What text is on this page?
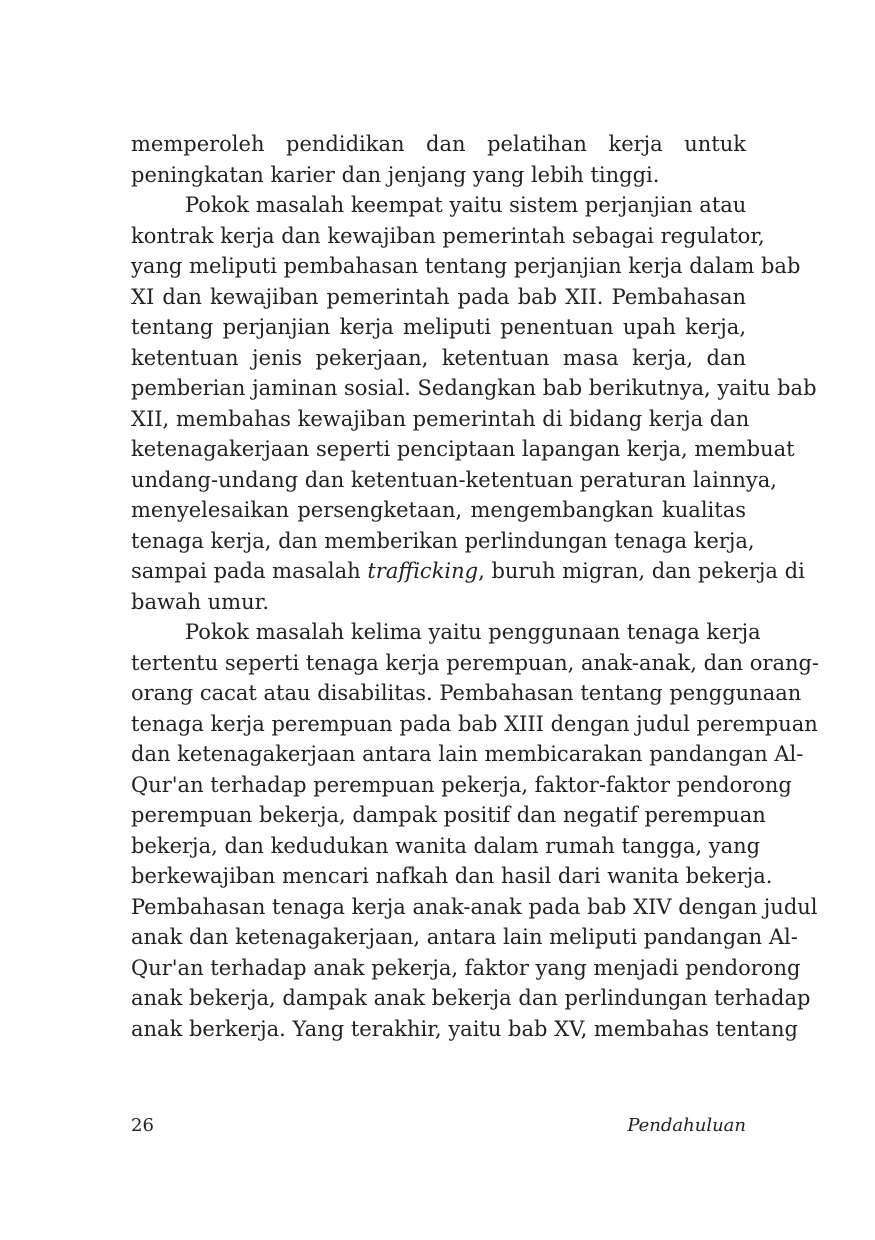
memperoleh pendidikan dan pelatihan kerja untuk
peningkatan karier dan jenjang yang lebih tinggi.
Pokok masalah keempat yaitu sistem perjanjian atau
kontrak kerja dan kewajiban pemerintah sebagai regulator,
yang meliputi pembahasan tentang perjanjian kerja dalam bab
XI dan kewajiban pemerintah pada bab XII. Pembahasan
tentang perjanjian kerja meliputi penentuan upah kerja,
ketentuan jenis pekerjaan, ketentuan masa kerja, dan
pemberian jaminan sosial. Sedangkan bab berikutnya, yaitu bab
XII, membahas kewajiban pemerintah di bidang kerja dan
ketenagakerjaan seperti penciptaan lapangan kerja, membuat
undang-undang dan ketentuan-ketentuan peraturan lainnya,
menyelesaikan persengketaan, mengembangkan kualitas
tenaga kerja, dan memberikan perlindungan tenaga kerja,
sampai pada masalah trafficking, buruh migran, dan pekerja di
bawah umur.
Pokok masalah kelima yaitu penggunaan tenaga kerja
tertentu seperti tenaga kerja perempuan, anak-anak, dan orang-
orang cacat atau disabilitas. Pembahasan tentang penggunaan
tenaga kerja perempuan pada bab XIII dengan judul perempuan
dan ketenagakerjaan antara lain membicarakan pandangan Al-
Qur'an terhadap perempuan pekerja, faktor-faktor pendorong
perempuan bekerja, dampak positif dan negatif perempuan
bekerja, dan kedudukan wanita dalam rumah tangga, yang
berkewajiban mencari nafkah dan hasil dari wanita bekerja.
Pembahasan tenaga kerja anak-anak pada bab XIV dengan judul
anak dan ketenagakerjaan, antara lain meliputi pandangan Al-
Qur'an terhadap anak pekerja, faktor yang menjadi pendorong
anak bekerja, dampak anak bekerja dan perlindungan terhadap
anak berkerja. Yang terakhir, yaitu bab XV, membahas tentang
26	Pendahuluan
